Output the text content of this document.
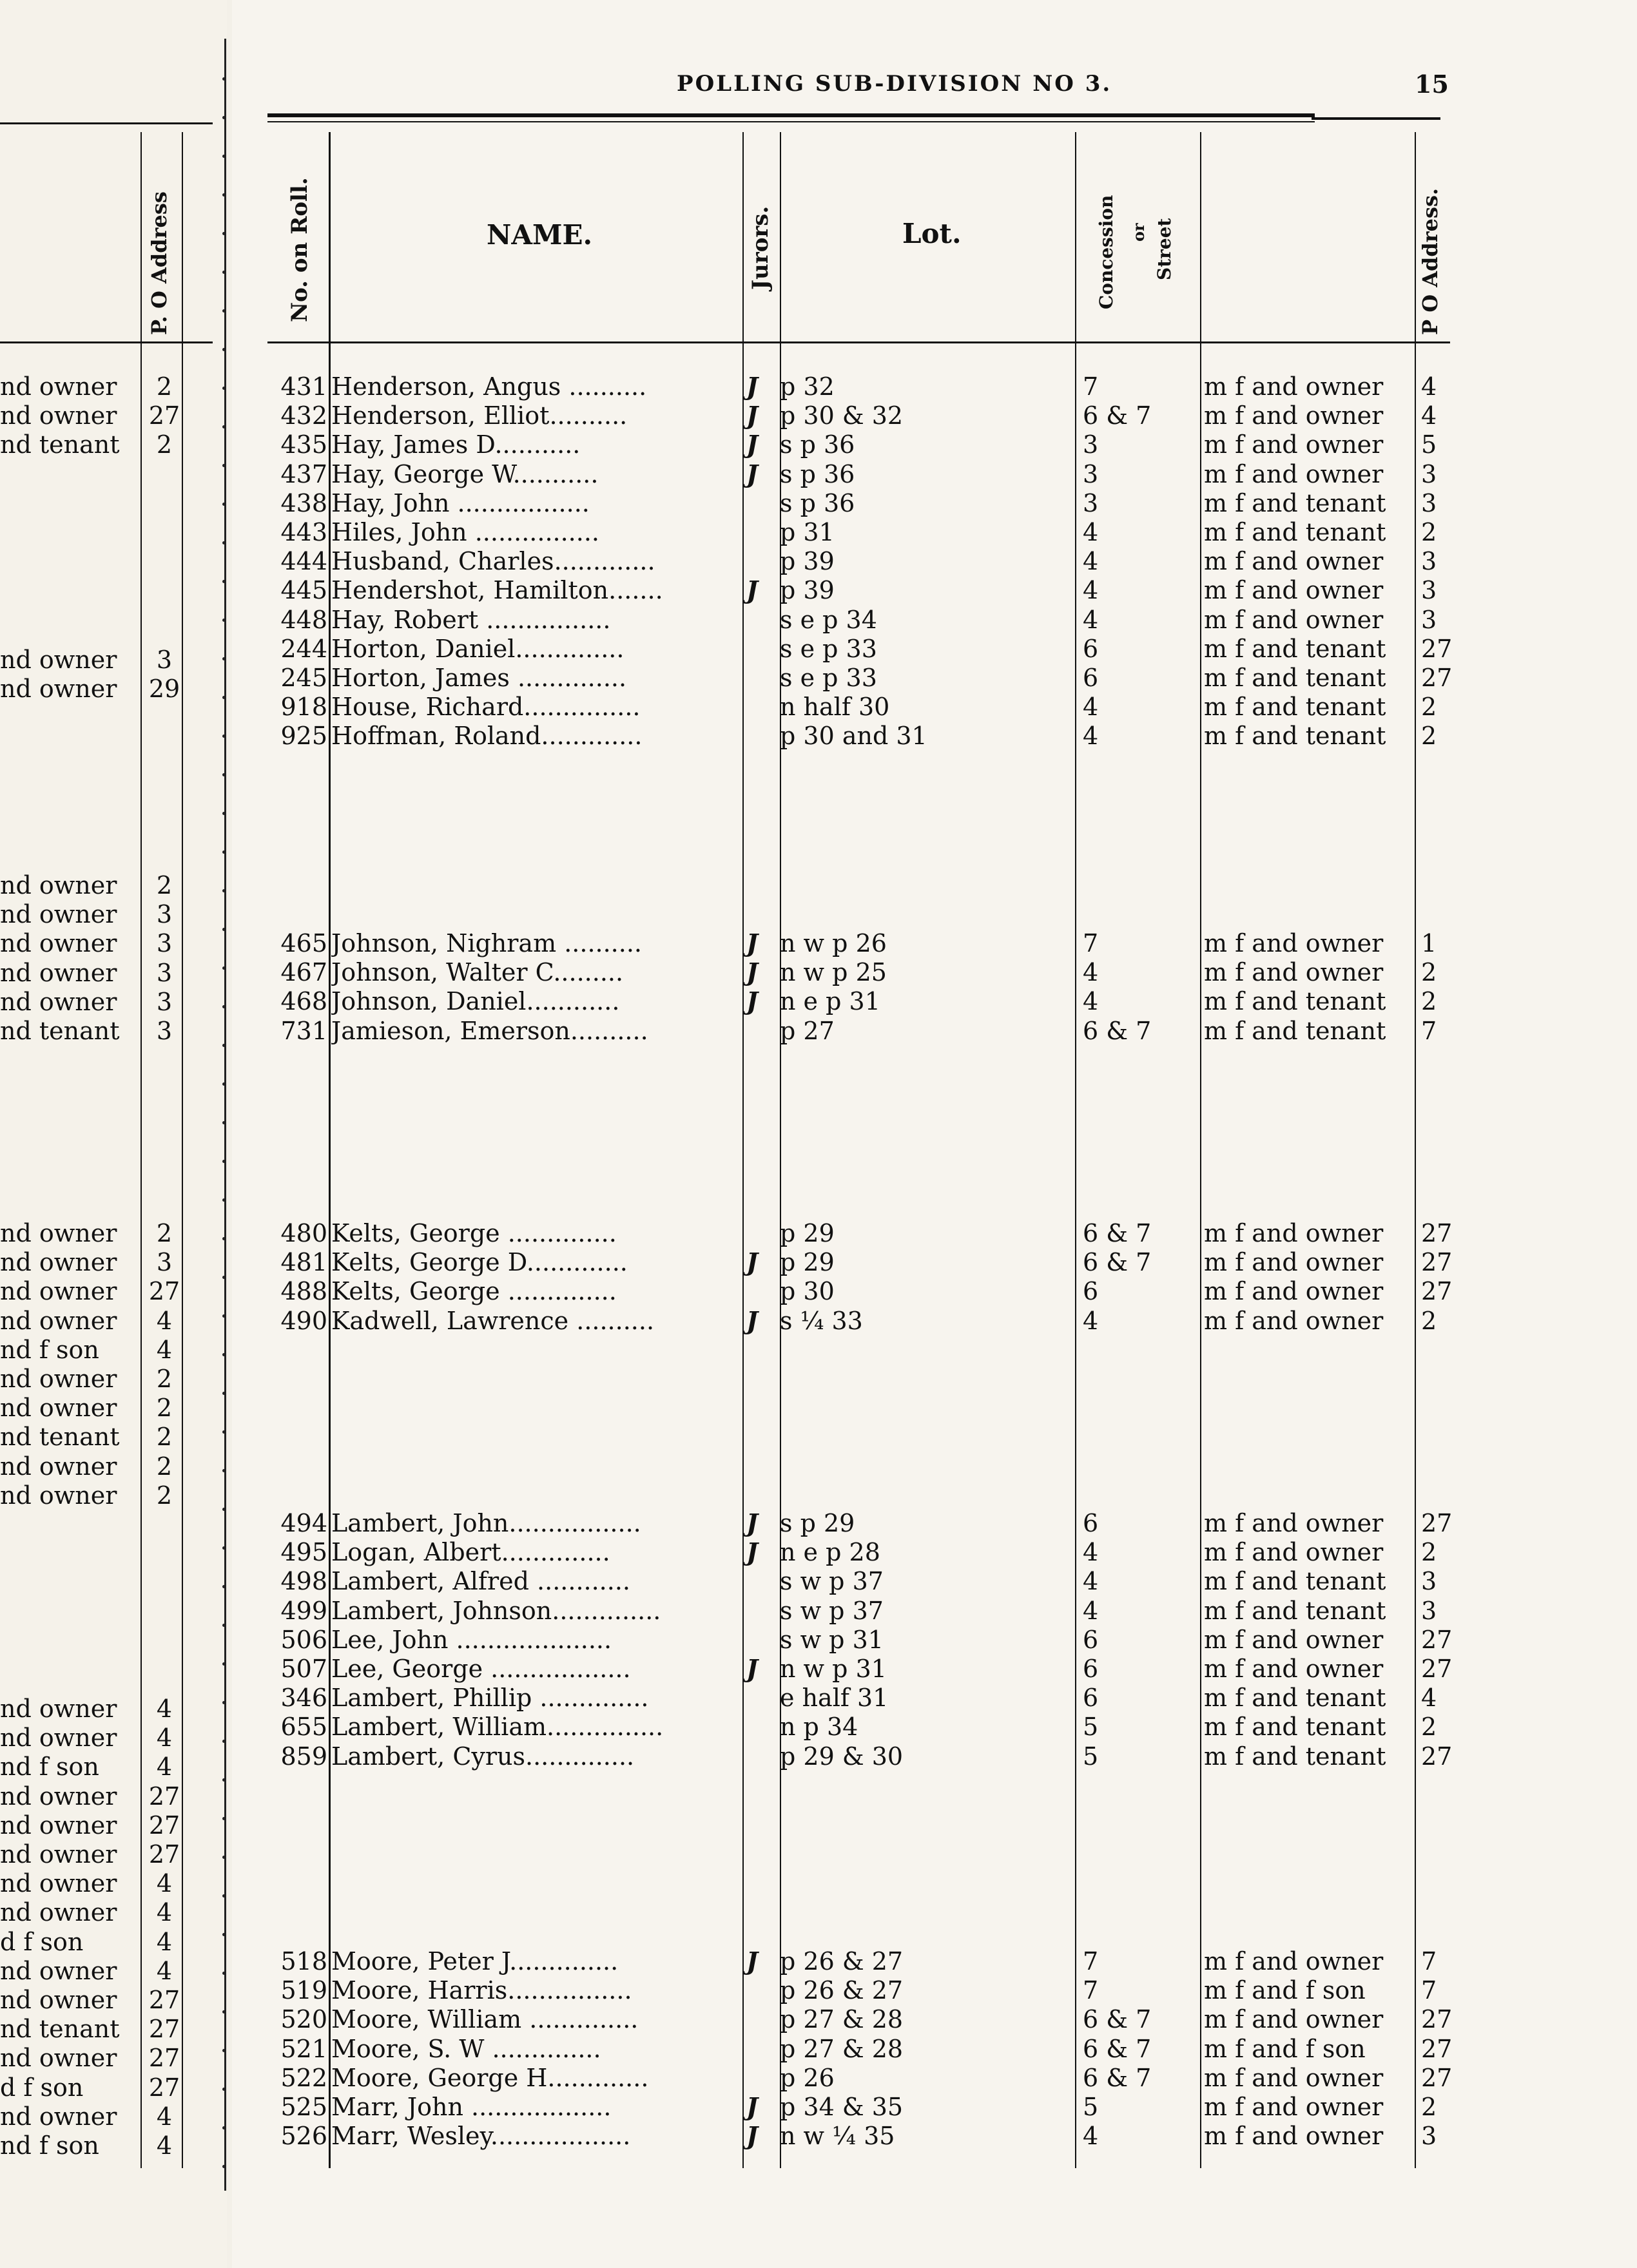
POLLING SUB-DIVISION NO 3.	15
No. on Roll.	NAME.	Jurors.	Lot.	Concession or Street	P O Address.
P. O Address
431 Henderson, Angus ..........	J p 32	7	m f and owner	4
432 Henderson, Elliot..........	J p 30 & 32	6 & 7	m f and owner	4
435 Hay, James D...........	J s p 36	3	m f and owner	5
437 Hay, George W...........	J s p 36	3	m f and owner	3
438 Hay, John .................	s p 36	3	m f and tenant	3
443 Hiles, John ................	p 31	4	m f and tenant	2
444 Husband, Charles.............	p 39	4	m f and owner	3
445 Hendershot, Hamilton.......	J p 39	4	m f and owner	3
448 Hay, Robert ................	s e p 34	4	m f and owner	3
244 Horton, Daniel..............	s e p 33	6	m f and tenant	27
245 Horton, James ..............	s e p 33	6	m f and tenant	27
918 House, Richard...............	n half 30	4	m f and tenant	2
925 Hoffman, Roland.............	p 30 and 31	4	m f and tenant	2
465 Johnson, Nighram ..........	J n w p 26	7	m f and owner	1
467 Johnson, Walter C.........	J n w p 25	4	m f and owner	2
468 Johnson, Daniel............	J n e p 31	4	m f and tenant	2
731 Jamieson, Emerson..........	p 27	6 & 7	m f and tenant	7
480 Kelts, George ..............	p 29	6 & 7	m f and owner	27
481 Kelts, George D.............	J p 29	6 & 7	m f and owner	27
488 Kelts, George ..............	p 30	6	m f and owner	27
490 Kadwell, Lawrence ..........	J s ¼ 33	4	m f and owner	2
494 Lambert, John.................	J s p 29	6	m f and owner	27
495 Logan, Albert..............	J n e p 28	4	m f and owner	2
498 Lambert, Alfred ............	s w p 37	4	m f and tenant	3
499 Lambert, Johnson..............	s w p 37	4	m f and tenant	3
506 Lee, John ....................	s w p 31	6	m f and owner	27
507 Lee, George ..................	J n w p 31	6	m f and owner	27
346 Lambert, Phillip ..............	e half 31	6	m f and tenant	4
655 Lambert, William...............	n p 34	5	m f and tenant	2
859 Lambert, Cyrus..............	p 29 & 30	5	m f and tenant	27
518 Moore, Peter J..............	J p 26 & 27	7	m f and owner	7
519 Moore, Harris................	p 26 & 27	7	m f and f son	7
520 Moore, William ..............	p 27 & 28	6 & 7	m f and owner	27
521 Moore, S. W ..............	p 27 & 28	6 & 7	m f and f son	27
522 Moore, George H.............	p 26	6 & 7	m f and owner	27
525 Marr, John ..................	J p 34 & 35	5	m f and owner	2
526 Marr, Wesley..................	J n w ¼ 35	4	m f and owner	3
nd owner	2
nd owner 27
nd tenant	2
nd owner	3
nd owner 29
nd owner	2
nd owner	3
nd owner	3
nd owner	3
nd owner	3
nd tenant	3
nd owner	2
nd owner	3
nd owner 27
nd owner	4
nd f son	4
nd owner	2
nd owner	2
nd tenant	2
nd owner	2
nd owner	2
nd owner	4
nd owner	4
nd f son	4
nd owner 27
nd owner 27
nd owner 27
nd owner	4
nd owner	4
d f son	4
nd owner	4
nd owner 27
nd tenant 27
nd owner 27
d f son	27
nd owner	4
nd f son	4
